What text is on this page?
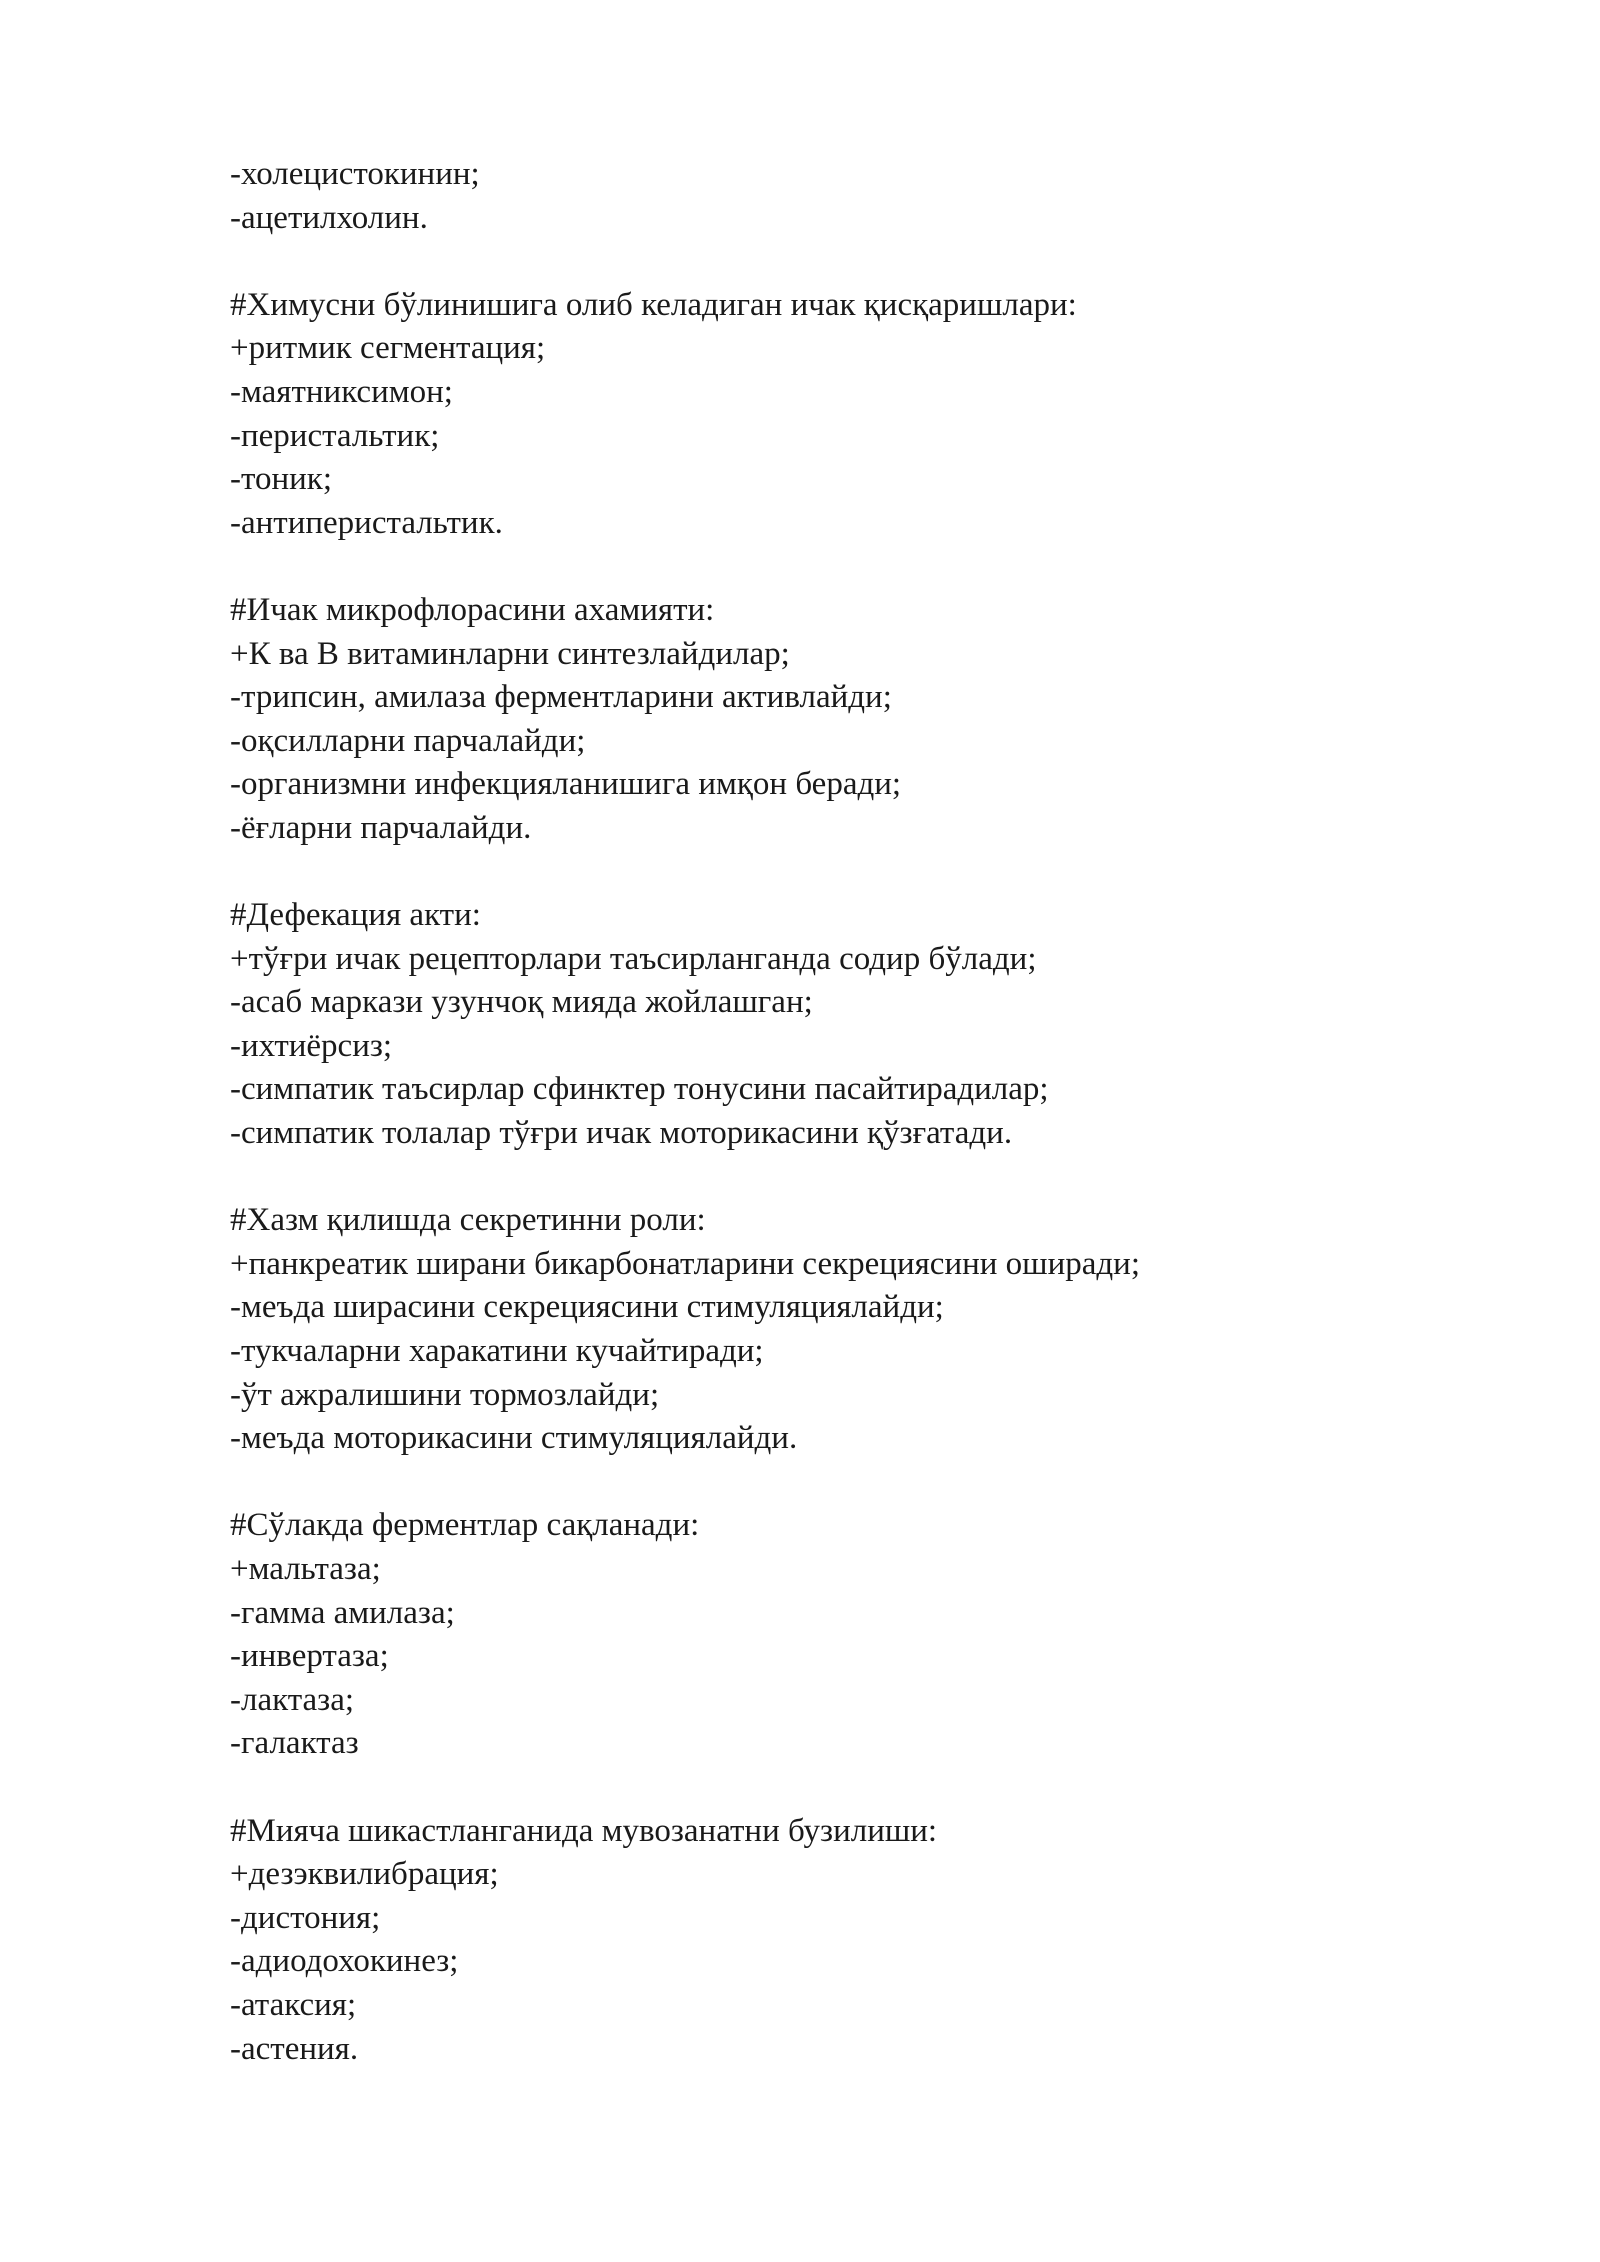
-холецистокинин;
-ацетилхолин.
#Химусни бўлинишига олиб келадиган ичак қисқаришлари:
+ритмик сегментация;
-маятниксимон;
-перистальтик;
-тоник;
-антиперистальтик.
#Ичак микрофлорасини ахамияти:
+К ва В витаминларни синтезлайдилар;
-трипсин, амилаза ферментларини активлайди;
-оқсилларни парчалайди;
-организмни инфекцияланишига имқон беради;
-ёғларни парчалайди.
#Дефекация акти:
+тўғри ичак рецепторлари таъсирланганда содир бўлади;
-асаб маркази узунчоқ мияда жойлашган;
-ихтиёрсиз;
-симпатик таъсирлар сфинктер тонусини пасайтирадилар;
-симпатик толалар тўғри ичак моторикасини қўзғатади.
#Хазм қилишда секретинни роли:
+панкреатик ширани бикарбонатларини секрециясини оширади;
-меъда ширасини секрециясини стимуляциялайди;
-тукчаларни харакатини кучайтиради;
-ўт ажралишини тормозлайди;
-меъда моторикасини стимуляциялайди.
#Сўлакда ферментлар сақланади:
+мальтаза;
-гамма амилаза;
-инвертаза;
-лактаза;
-галактаз
#Мияча шикастланганида мувозанатни бузилиши:
+дезэквилибрация;
-дистония;
-адиодохокинез;
-атаксия;
-астения.
